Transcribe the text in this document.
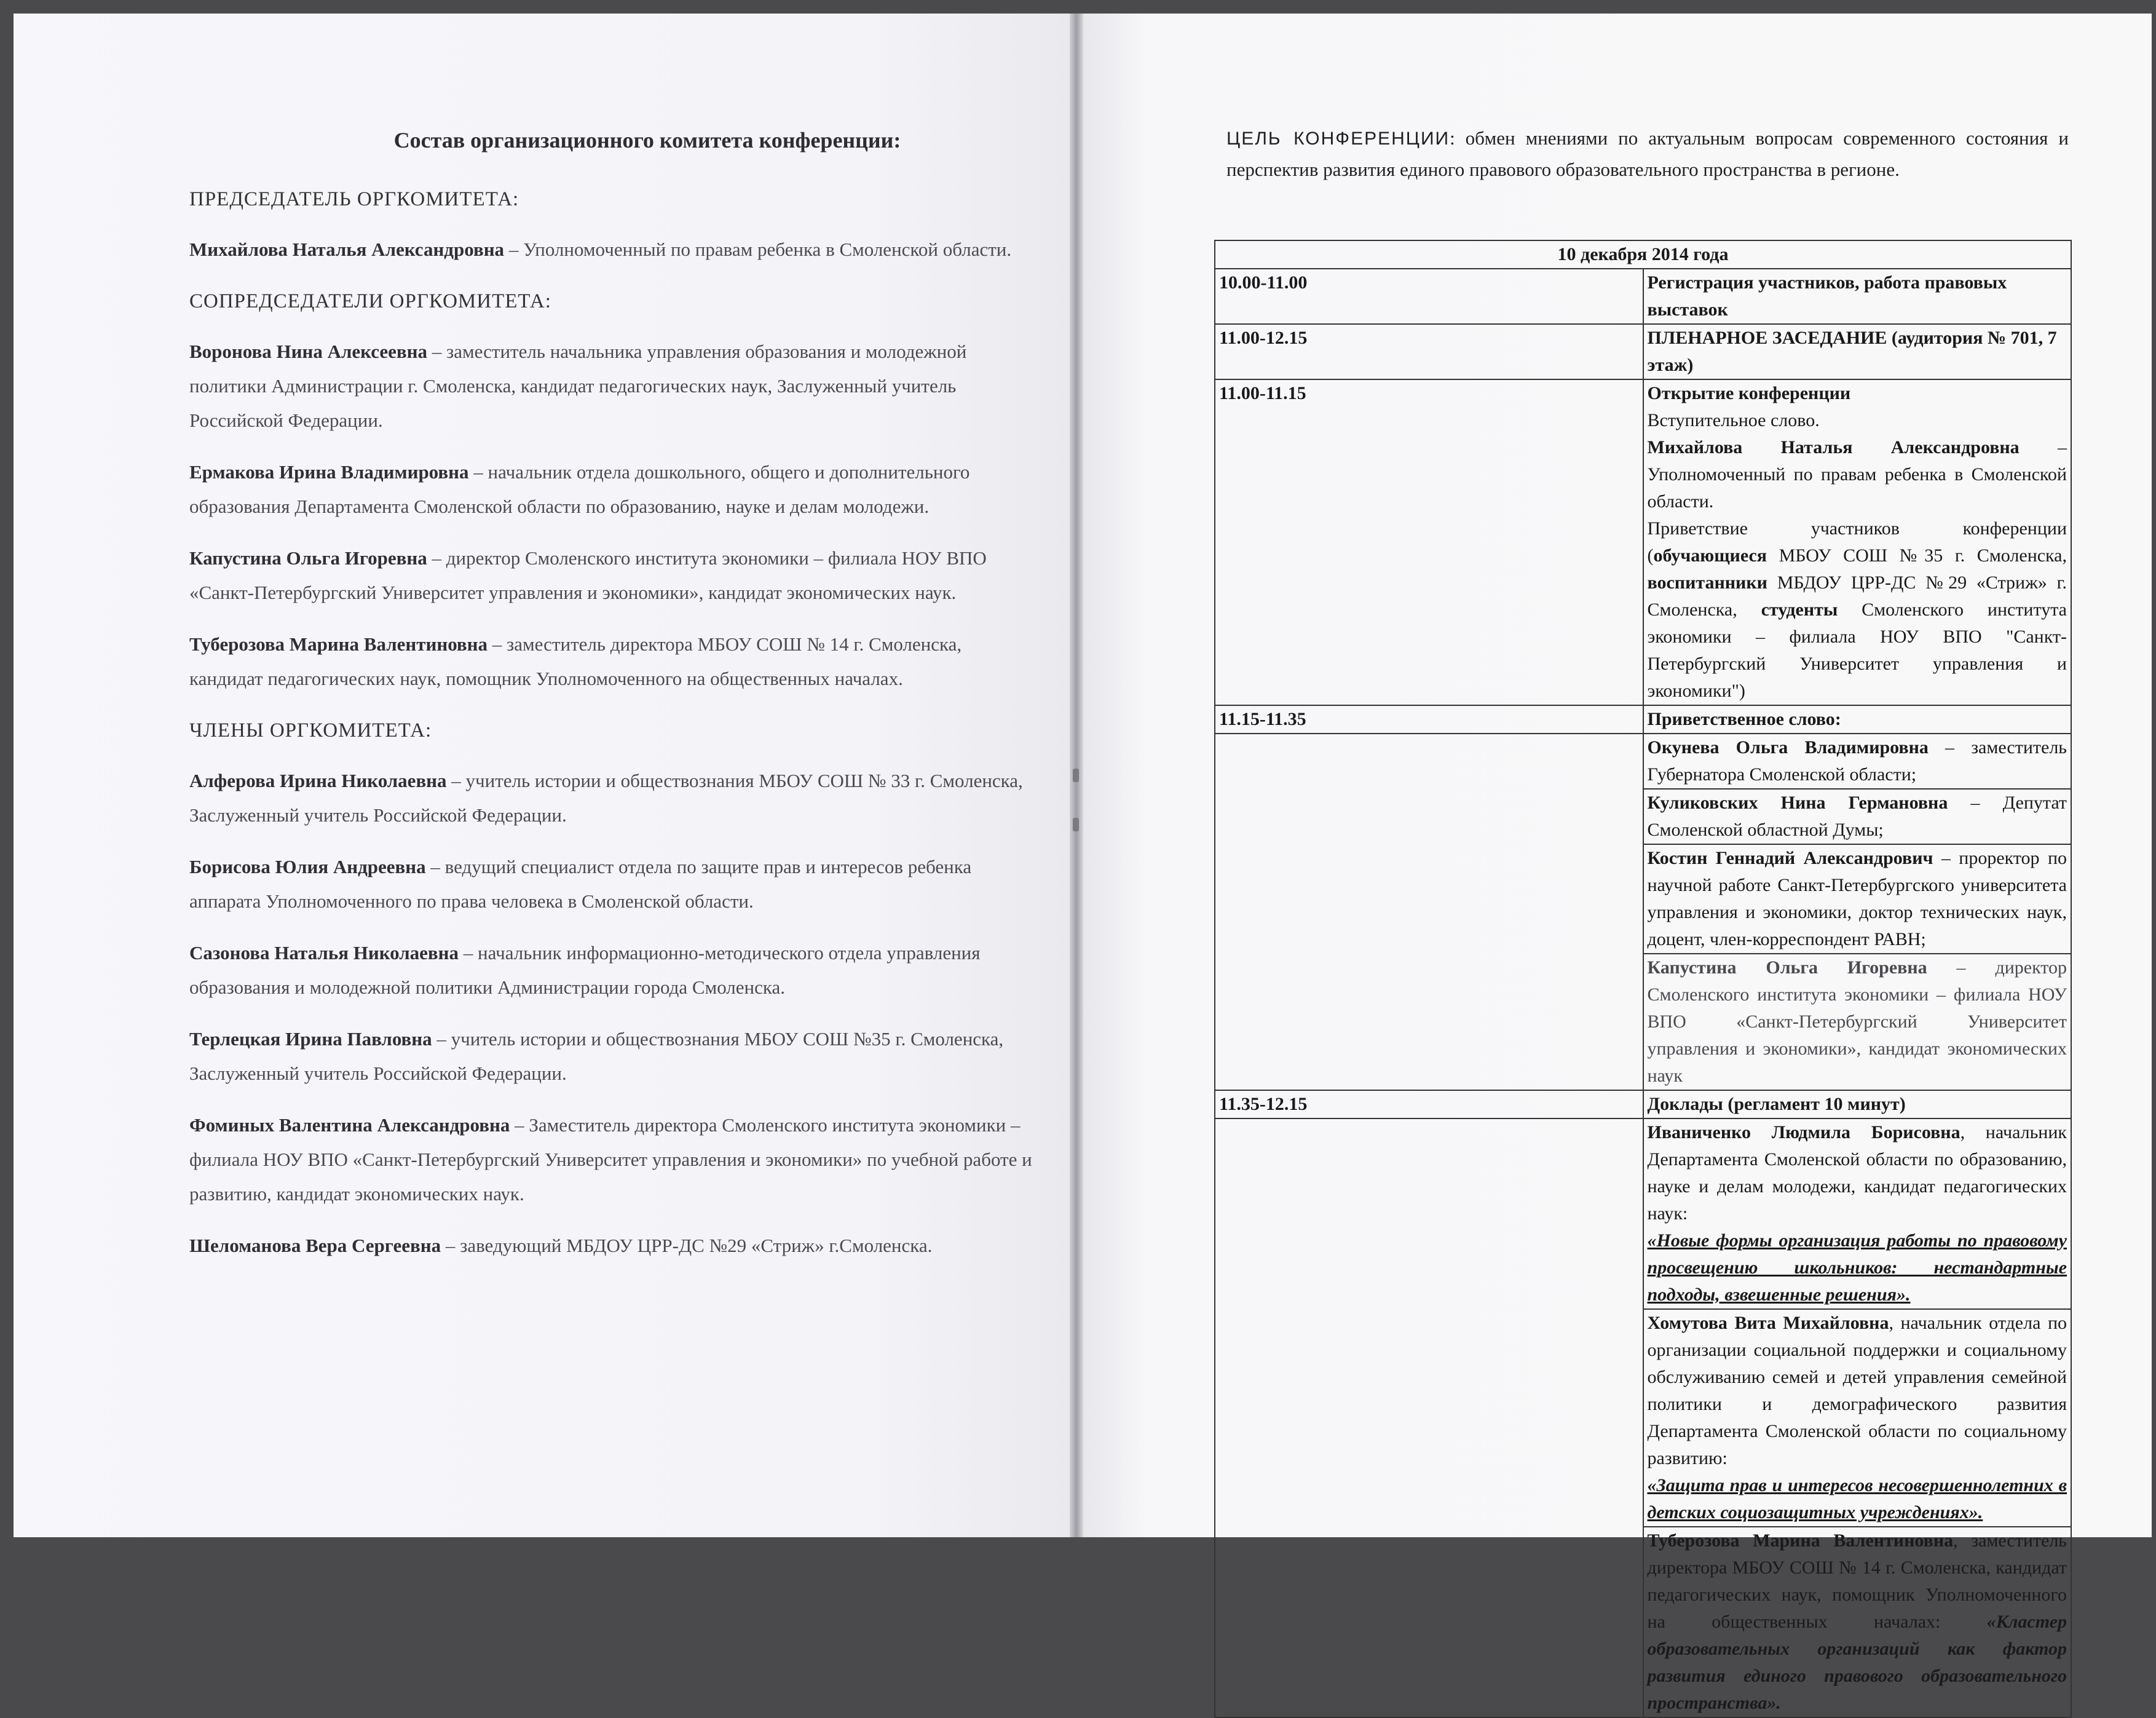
Состав организационного комитета конференции:
ПРЕДСЕДАТЕЛЬ ОРГКОМИТЕТА:
Михайлова Наталья Александровна – Уполномоченный по правам ребенка в Смоленской области.
СОПРЕДСЕДАТЕЛИ ОРГКОМИТЕТА:
Воронова Нина Алексеевна – заместитель начальника управления образования и молодежной политики Администрации г. Смоленска, кандидат педагогических наук, Заслуженный учитель Российской Федерации.
Ермакова Ирина Владимировна – начальник отдела дошкольного, общего и дополнительного образования Департамента Смоленской области по образованию, науке и делам молодежи.
Капустина Ольга Игоревна – директор Смоленского института экономики – филиала НОУ ВПО «Санкт-Петербургский Университет управления и экономики», кандидат экономических наук.
Туберозова Марина Валентиновна – заместитель директора МБОУ СОШ № 14 г. Смоленска, кандидат педагогических наук, помощник Уполномоченного на общественных началах.
ЧЛЕНЫ ОРГКОМИТЕТА:
Алферова Ирина Николаевна – учитель истории и обществознания МБОУ СОШ № 33 г. Смоленска, Заслуженный учитель Российской Федерации.
Борисова Юлия Андреевна – ведущий специалист отдела по защите прав и интересов ребенка аппарата Уполномоченного по права человека в Смоленской области.
Сазонова Наталья Николаевна – начальник информационно-методического отдела управления образования и молодежной политики Администрации города Смоленска.
Терлецкая Ирина Павловна – учитель истории и обществознания МБОУ СОШ №35 г. Смоленска, Заслуженный учитель Российской Федерации.
Фоминых Валентина Александровна – Заместитель директора Смоленского института экономики – филиала НОУ ВПО «Санкт-Петербургский Университет управления и экономики» по учебной работе и развитию, кандидат экономических наук.
Шеломанова Вера Сергеевна – заведующий МБДОУ ЦРР-ДС №29 «Стриж» г.Смоленска.
ЦЕЛЬ КОНФЕРЕНЦИИ: обмен мнениями по актуальным вопросам современного состояния и перспектив развития единого правового образовательного пространства в регионе.
10 декабря 2014 года	
10.00-11.00	Регистрация участников, работа правовых выставок
11.00-12.15	ПЛЕНАРНОЕ ЗАСЕДАНИЕ (аудитория № 701, 7 этаж)
11.00-11.15	Открытие конференции
Вступительное слово.
Михайлова Наталья Александровна – Уполномоченный по правам ребенка в Смоленской области.
Приветствие участников конференции (обучающиеся МБОУ СОШ №35 г. Смоленска, воспитанники МБДОУ ЦРР-ДС №29 «Стриж» г. Смоленска, студенты Смоленского института экономики – филиала НОУ ВПО "Санкт-Петербургский Университет управления и экономики")
11.15-11.35	Приветственное слово:
	Окунева Ольга Владимировна – заместитель Губернатора Смоленской области;
	Куликовских Нина Германовна – Депутат Смоленской областной Думы;
	Костин Геннадий Александрович – проректор по научной работе Санкт-Петербургского университета управления и экономики, доктор технических наук, доцент, член-корреспондент РАВН;
	Капустина Ольга Игоревна – директор Смоленского института экономики – филиала НОУ ВПО «Санкт-Петербургский Университет управления и экономики», кандидат экономических наук
11.35-12.15	Доклады (регламент 10 минут)
	Иваниченко Людмила Борисовна, начальник Департамента Смоленской области по образованию, науке и делам молодежи, кандидат педагогических наук:
«Новые формы организация работы по правовому просвещению школьников: нестандартные подходы, взвешенные решения».
	Хомутова Вита Михайловна, начальник отдела по организации социальной поддержки и социальному обслуживанию семей и детей управления семейной политики и демографического развития Департамента Смоленской области по социальному развитию:
«Защита прав и интересов несовершеннолетних в детских социозащитных учреждениях».
	Туберозова Марина Валентиновна, заместитель директора МБОУ СОШ № 14 г. Смоленска, кандидат педагогических наук, помощник Уполномоченного на общественных началах: «Кластер образовательных организаций как фактор развития единого правового образовательного пространства».
